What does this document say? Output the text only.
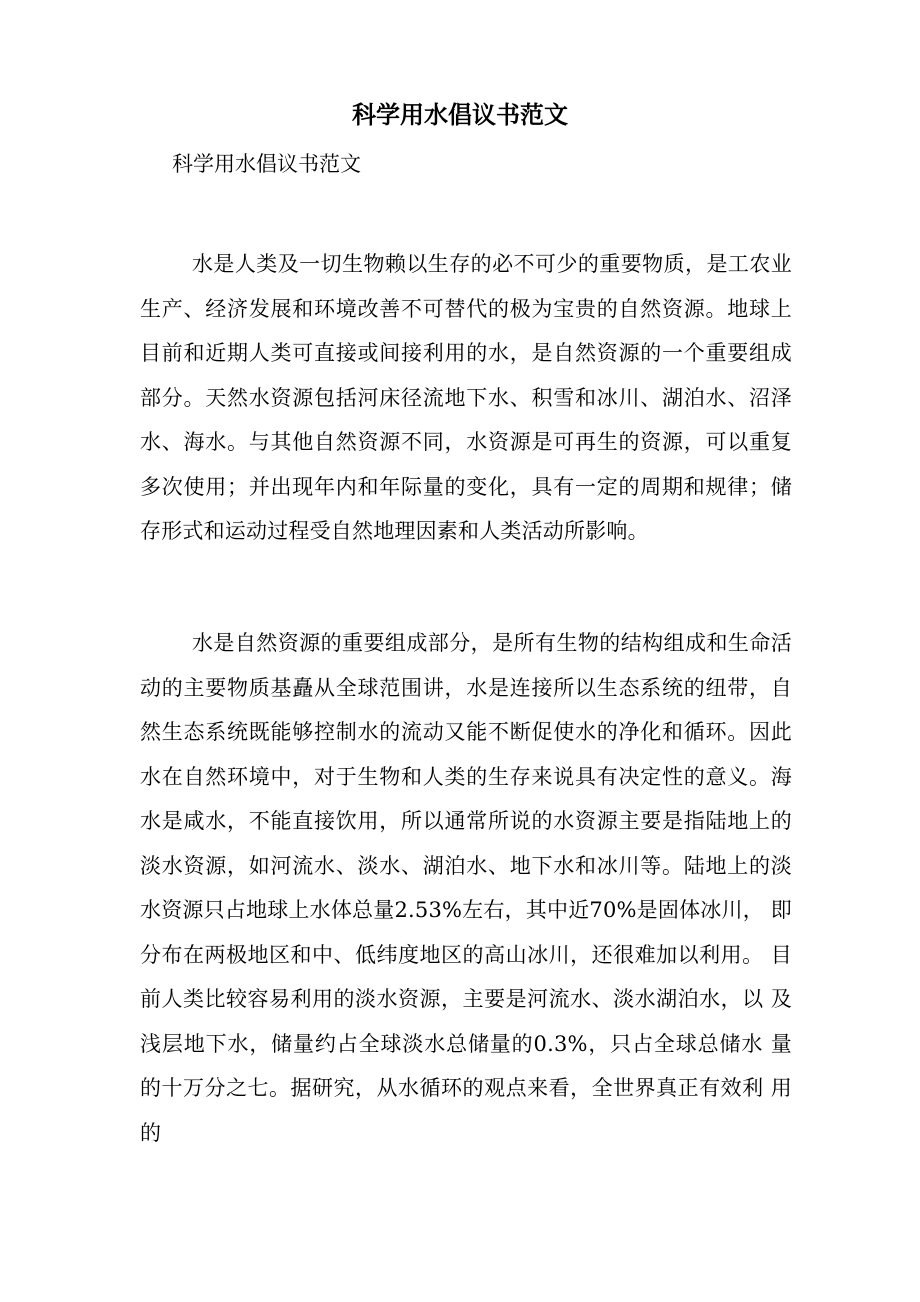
科学用水倡议书范文

科学用水倡议书范文

水是人类及一切生物赖以生存的必不可少的重要物质，是工农业生产、经济发展和环境改善不可替代的极为宝贵的自然资源。地球上目前和近期人类可直接或间接利用的水，是自然资源的一个重要组成部分。天然水资源包括河床径流地下水、积雪和冰川、湖泊水、沼泽水、海水。与其他自然资源不同，水资源是可再生的资源，可以重复多次使用；并出现年内和年际量的变化，具有一定的周期和规律；储存形式和运动过程受自然地理因素和人类活动所影响。

水是自然资源的重要组成部分，是所有生物的结构组成和生命活动的主要物质基矗从全球范围讲，水是连接所以生态系统的纽带，自然生态系统既能够控制水的流动又能不断促使水的净化和循环。因此水在自然环境中，对于生物和人类的生存来说具有决定性的意义。海水是咸水，不能直接饮用，所以通常所说的水资源主要是指陆地上的淡水资源，如河流水、淡水、湖泊水、地下水和冰川等。陆地上的淡水资源只占地球上水体总量2.53%左右，其中近70%是固体冰川， 即分布在两极地区和中、低纬度地区的高山冰川，还很难加以利用。 目前人类比较容易利用的淡水资源，主要是河流水、淡水湖泊水，以 及浅层地下水，储量约占全球淡水总储量的0.3%，只占全球总储水 量的十万分之七。据研究，从水循环的观点来看，全世界真正有效利 用的
